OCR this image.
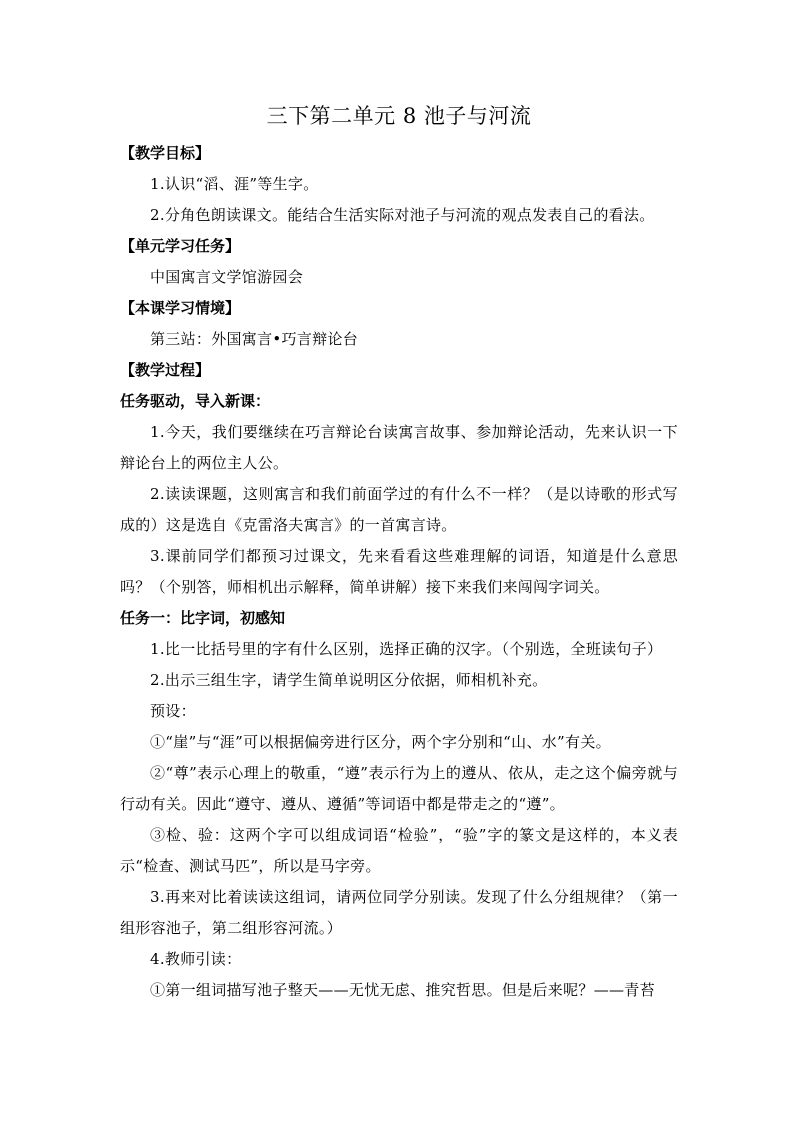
三下第二单元 8 池子与河流

【教学目标】

1.认识“滔、涯”等生字。

2.分角色朗读课文。能结合生活实际对池子与河流的观点发表自己的看法。

【单元学习任务】

中国寓言文学馆游园会

【本课学习情境】

第三站：外国寓言•巧言辩论台

【教学过程】

任务驱动，导入新课：

1.今天，我们要继续在巧言辩论台读寓言故事、参加辩论活动，先来认识一下辩论台上的两位主人公。

2.读读课题，这则寓言和我们前面学过的有什么不一样？（是以诗歌的形式写成的）这是选自《克雷洛夫寓言》的一首寓言诗。

3.课前同学们都预习过课文，先来看看这些难理解的词语，知道是什么意思吗？（个别答，师相机出示解释，简单讲解）接下来我们来闯闯字词关。

任务一：比字词，初感知

1.比一比括号里的字有什么区别，选择正确的汉字。（个别选，全班读句子）

2.出示三组生字，请学生简单说明区分依据，师相机补充。

预设：

①“崖”与“涯”可以根据偏旁进行区分，两个字分别和“山、水”有关。

②“尊”表示心理上的敬重，“遵”表示行为上的遵从、依从，走之这个偏旁就与行动有关。因此“遵守、遵从、遵循”等词语中都是带走之的“遵”。

③检、验：这两个字可以组成词语“检验”，“验”字的篆文是这样的，本义表示“检查、测试马匹”，所以是马字旁。

3.再来对比着读读这组词，请两位同学分别读。发现了什么分组规律？（第一组形容池子，第二组形容河流。）

4.教师引读：

①第一组词描写池子整天——无忧无虑、推究哲思。但是后来呢？——青苔
